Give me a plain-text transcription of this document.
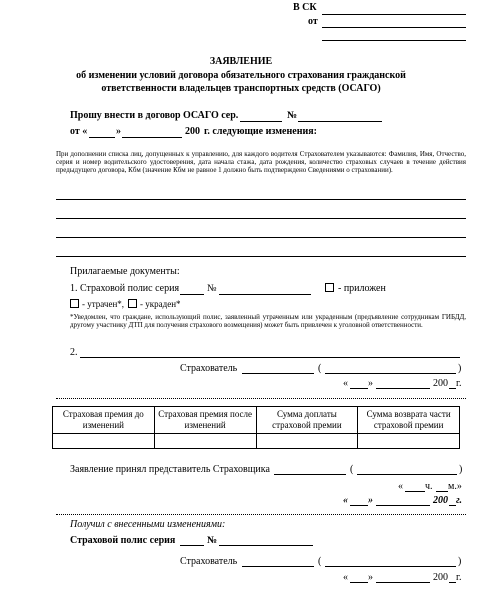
В СК
от
ЗАЯВЛЕНИЕ
об изменении условий договора обязательного страхования гражданской
ответственности владельцев транспортных средств (ОСАГО)
Прошу внести в договор ОСАГО сер.	№
от «	»	200 г. следующие изменения:
При дополнении списка лиц, допущенных к управлению, для каждого водителя Страхователем указываются: Фамилия, Имя, Отчество, серия и номер водительского удостоверения, дата начала стажа, дата рождения, количество страховых случаев в течение действия предыдущего договора, Кбм (значение Кбм не равное 1 должно быть подтверждено Сведениями о страховании).
Прилагаемые документы:
1. Страховой полис серия	№	- приложен
- утрачен*, - украден*
*Уведомлен, что граждане, использующий полис, заявленный утраченным или украденным (предъявление сотрудникам ГИБДД, другому участнику ДТП для получения страхового возмещения) может быть привлечен к уголовной ответственности.
2.
Страхователь	(	)
« »	200 г.
Страховая премия до изменений	Страховая премия после изменений	Сумма доплаты страховой премии	Сумма возврата части страховой премии

Заявление принял представитель Страховщика	(	)
« ч. м.»
« »	200 г.
Получил с внесенными изменениями:
Страховой полис серия	№
Страхователь	(	)
« »	200 г.
